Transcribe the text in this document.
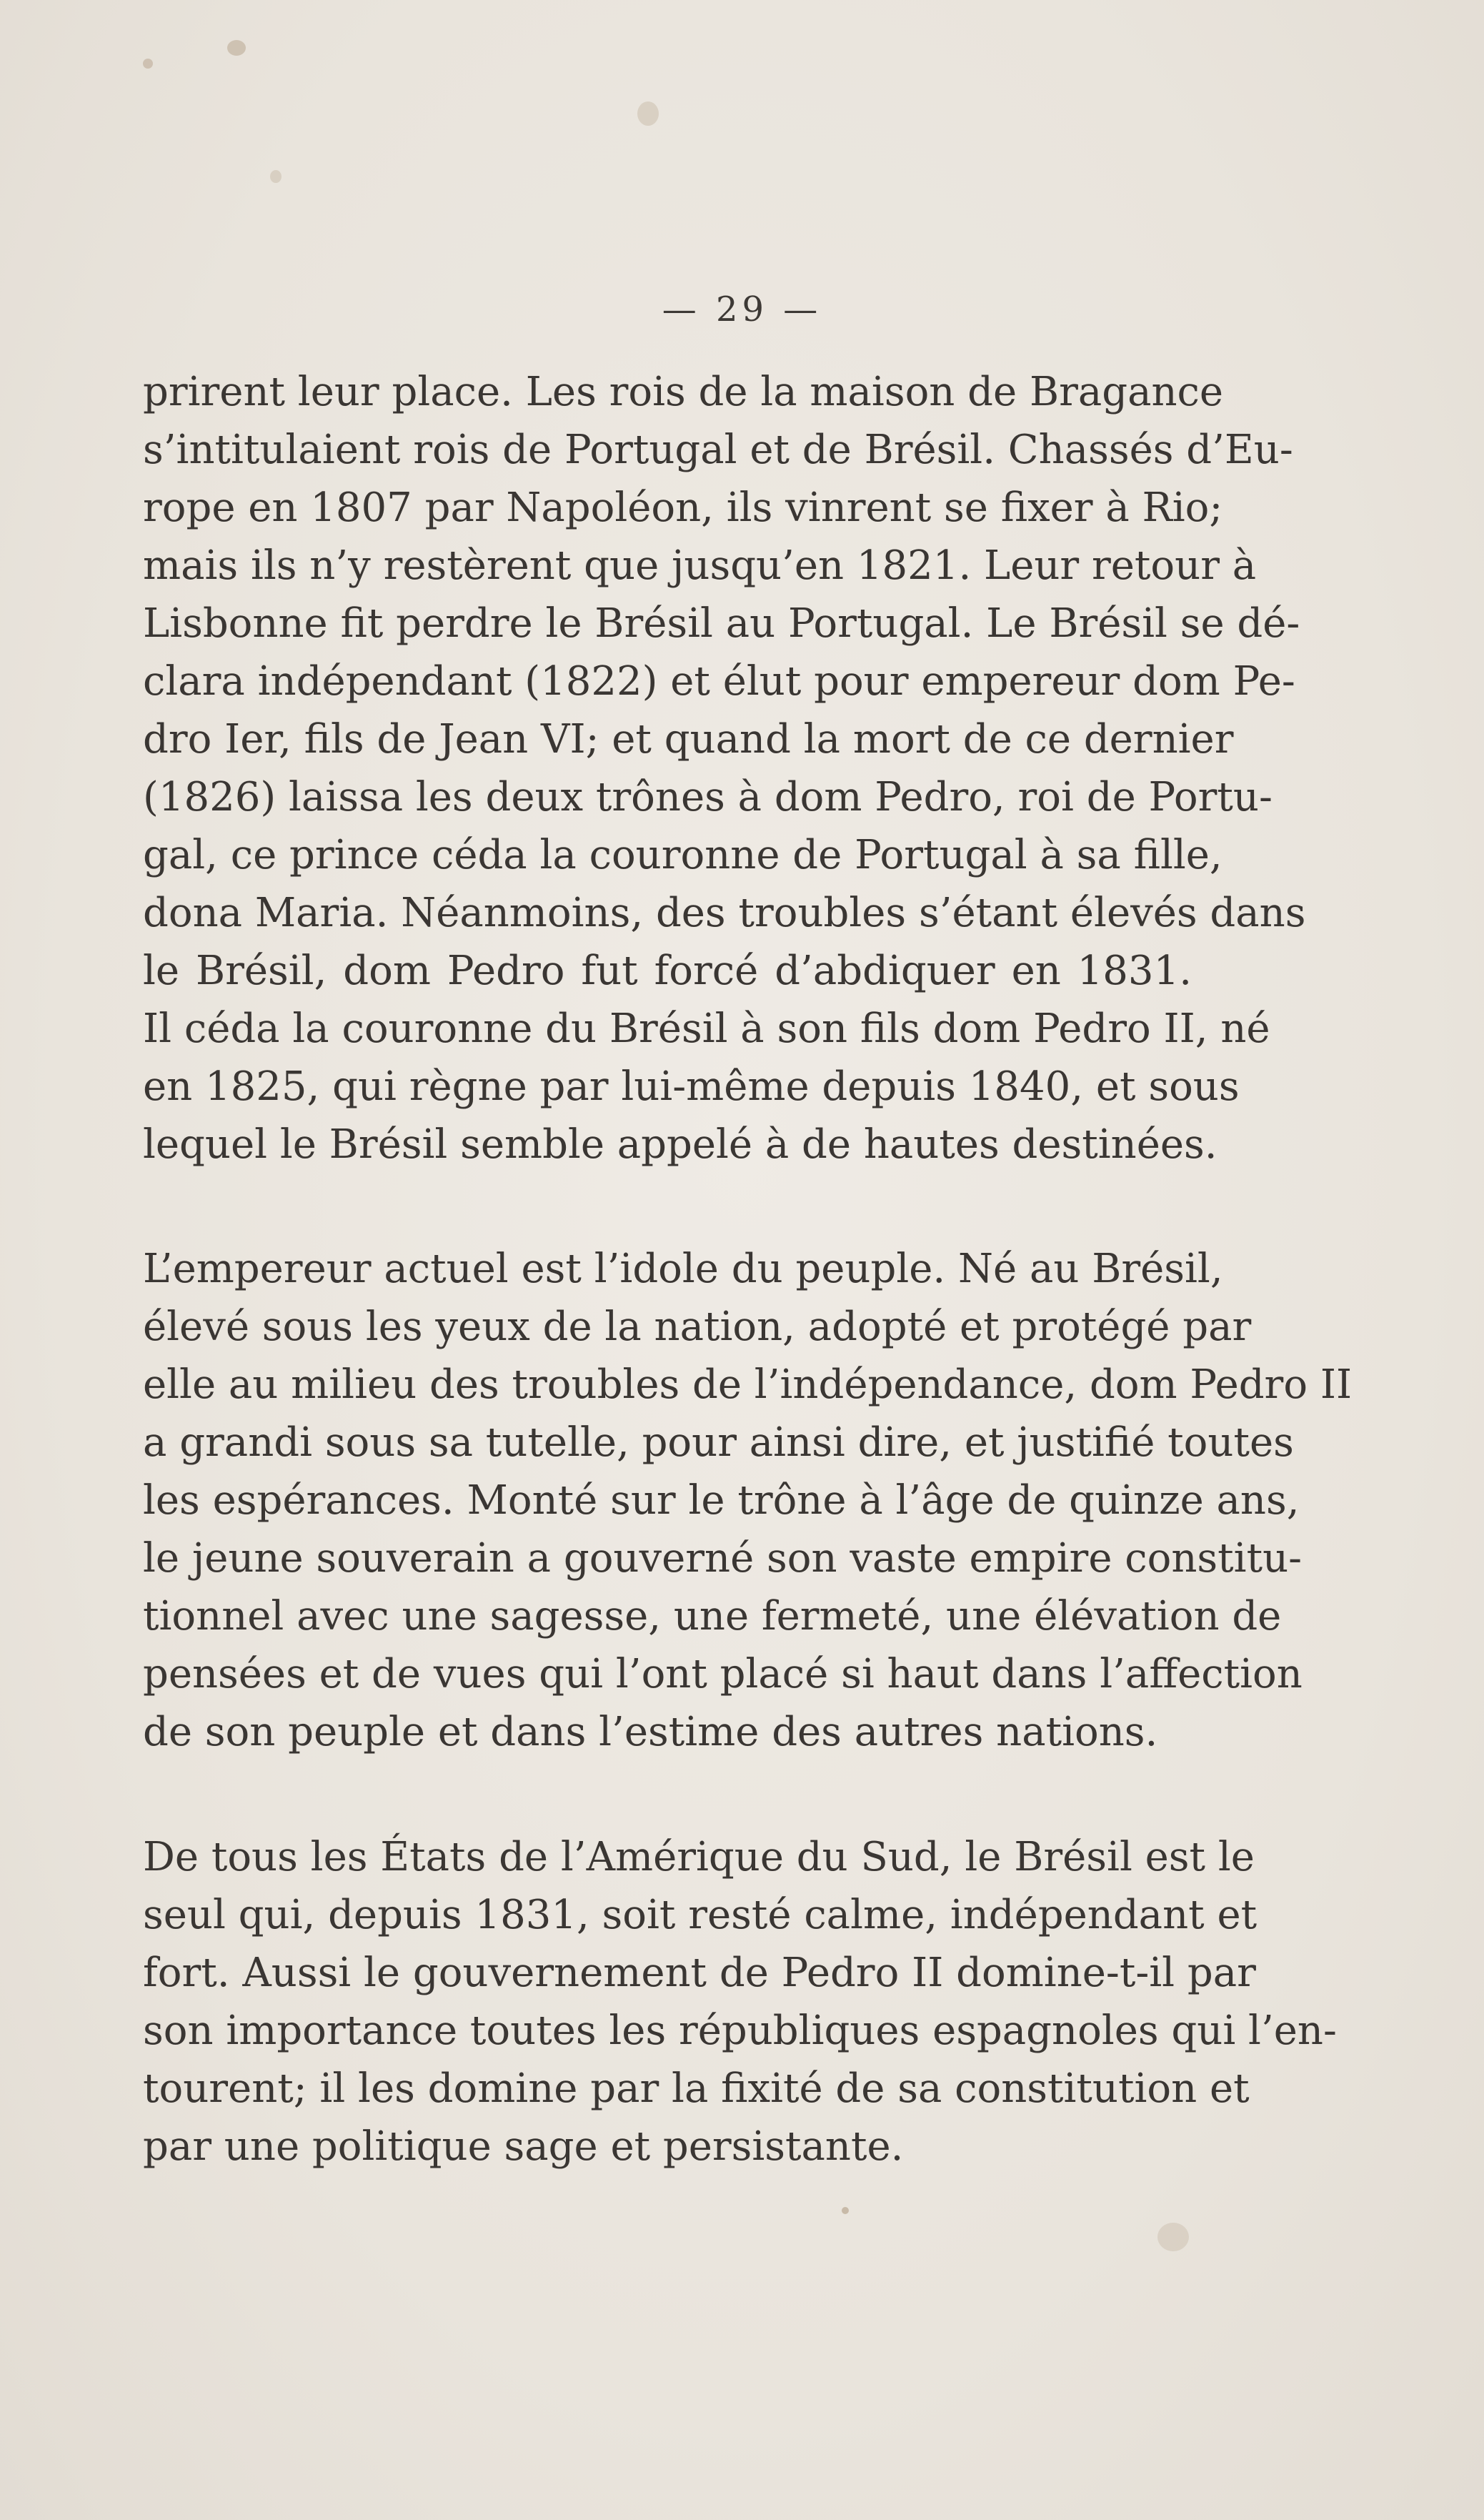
— 29 —
prirent leur place. Les rois de la maison de Bragance
s’intitulaient rois de Portugal et de Brésil. Chassés d’Eu-
rope en 1807 par Napoléon, ils vinrent se fixer à Rio;
mais ils n’y restèrent que jusqu’en 1821. Leur retour à
Lisbonne fit perdre le Brésil au Portugal. Le Brésil se dé-
clara indépendant (1822) et élut pour empereur dom Pe-
dro Ier, fils de Jean VI; et quand la mort de ce dernier
(1826) laissa les deux trônes à dom Pedro, roi de Portu-
gal, ce prince céda la couronne de Portugal à sa fille,
dona Maria. Néanmoins, des troubles s’étant élevés dans
le Brésil, dom Pedro fut forcé d’abdiquer en 1831.
Il céda la couronne du Brésil à son fils dom Pedro II, né
en 1825, qui règne par lui-même depuis 1840, et sous
lequel le Brésil semble appelé à de hautes destinées.
L’empereur actuel est l’idole du peuple. Né au Brésil,
élevé sous les yeux de la nation, adopté et protégé par
elle au milieu des troubles de l’indépendance, dom Pedro II
a grandi sous sa tutelle, pour ainsi dire, et justifié toutes
les espérances. Monté sur le trône à l’âge de quinze ans,
le jeune souverain a gouverné son vaste empire constitu-
tionnel avec une sagesse, une fermeté, une élévation de
pensées et de vues qui l’ont placé si haut dans l’affection
de son peuple et dans l’estime des autres nations.
De tous les États de l’Amérique du Sud, le Brésil est le
seul qui, depuis 1831, soit resté calme, indépendant et
fort. Aussi le gouvernement de Pedro II domine-t-il par
son importance toutes les républiques espagnoles qui l’en-
tourent; il les domine par la fixité de sa constitution et
par une politique sage et persistante.
